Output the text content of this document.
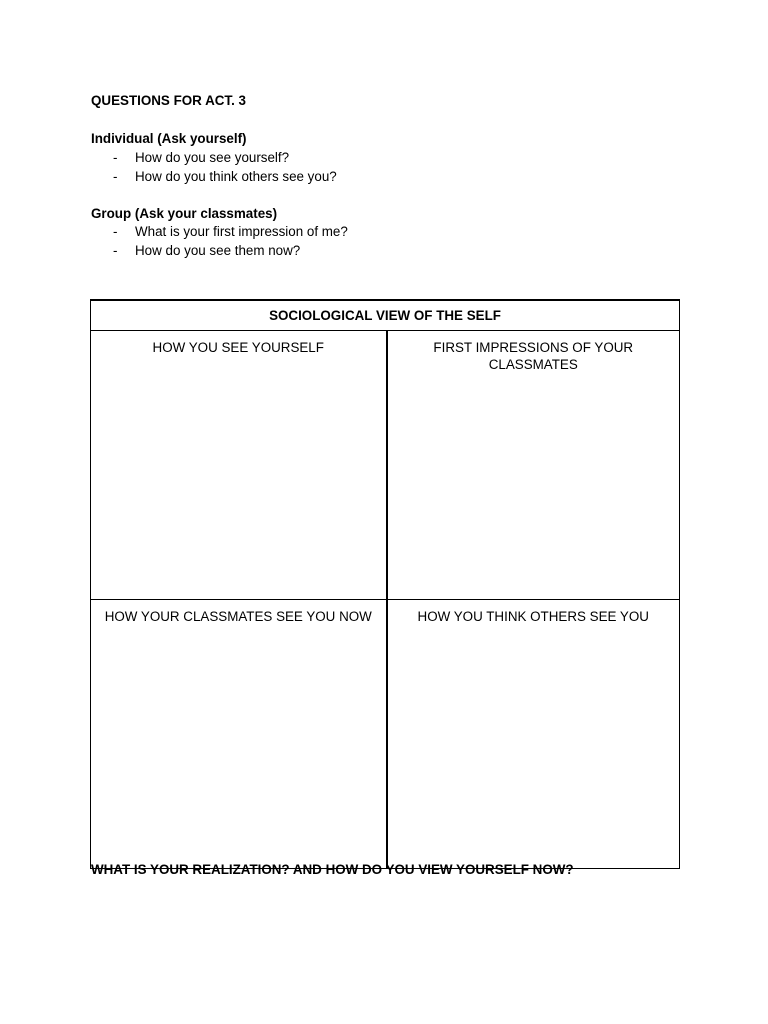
QUESTIONS FOR ACT. 3

Individual (Ask yourself)

- How do you see yourself?
- How do you think others see you?

Group (Ask your classmates)

- What is your first impression of me?
- How do you see them now?
SOCIOLOGICAL VIEW OF THE SELF	

HOW YOU SEE YOURSELF	FIRST IMPRESSIONS OF YOUR CLASSMATES

HOW YOUR CLASSMATES SEE YOU NOW	HOW YOU THINK OTHERS SEE YOU

WHAT IS YOUR REALIZATION? AND HOW DO YOU VIEW YOURSELF NOW?
